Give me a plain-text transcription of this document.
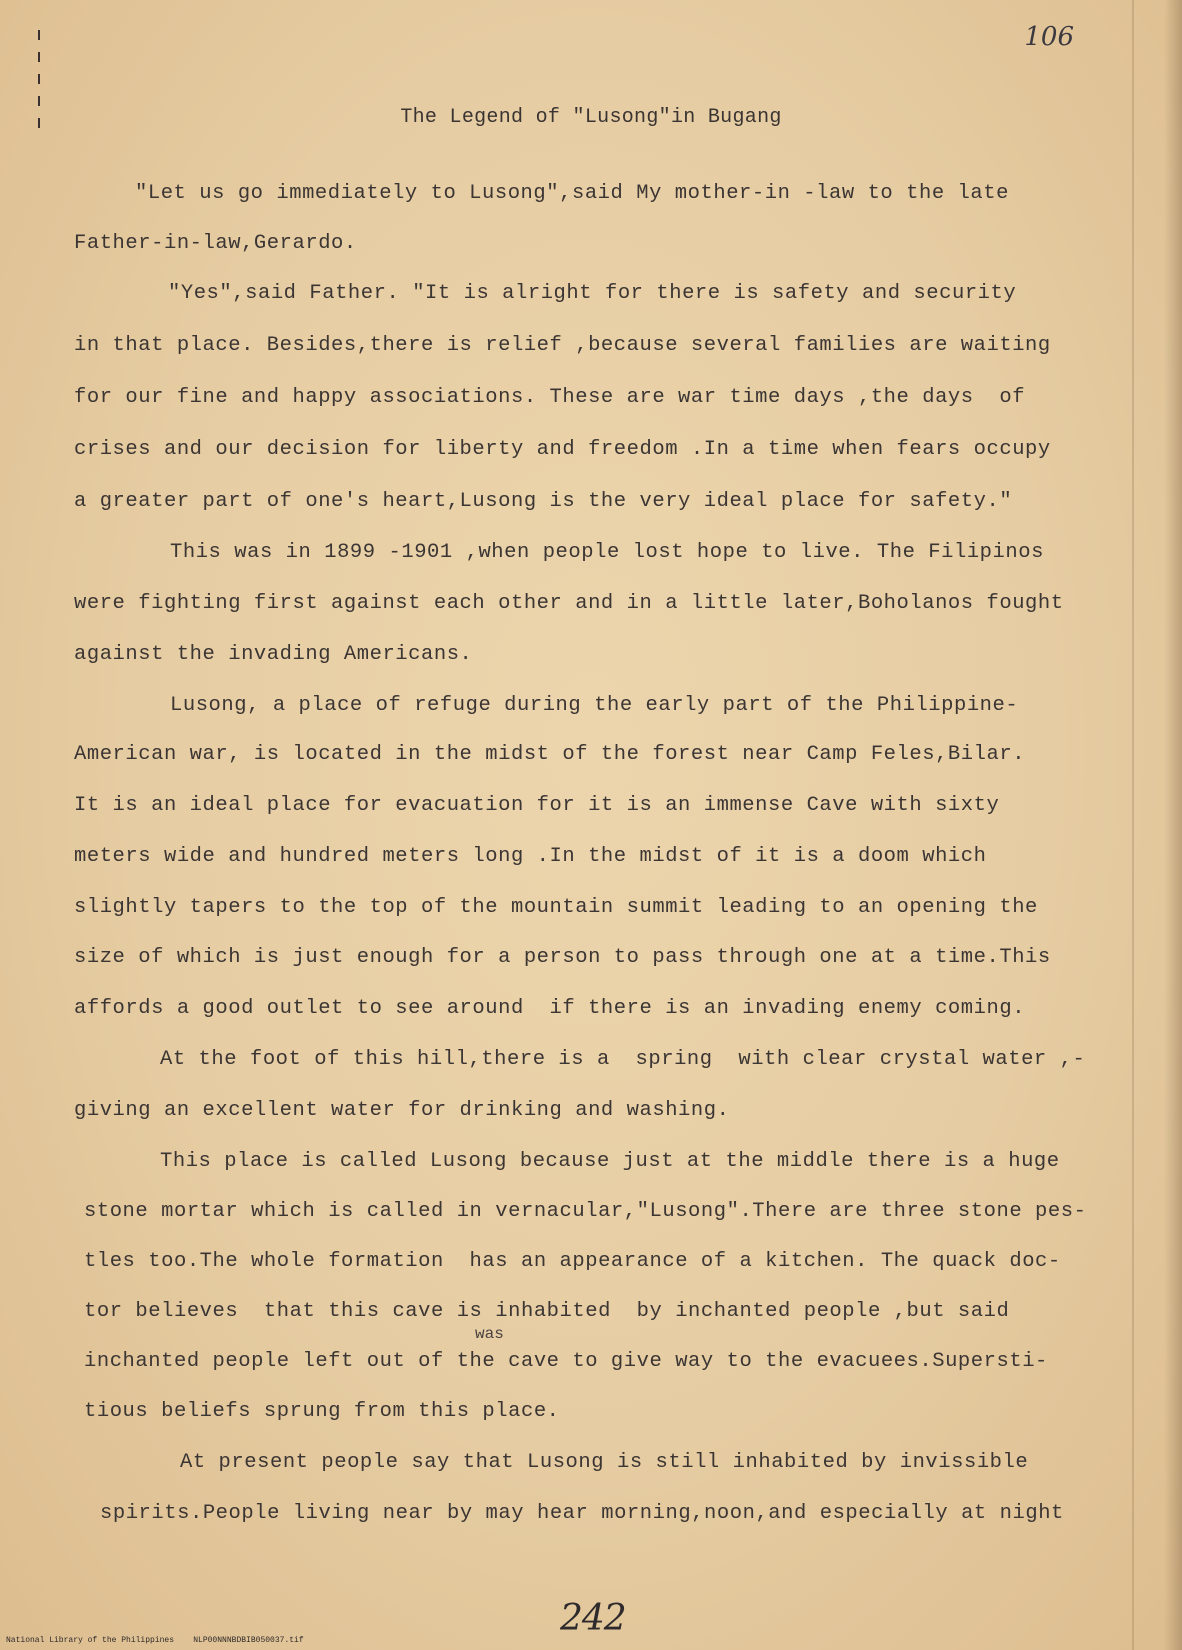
106
The Legend of "Lusong"in Bugang
"Let us go immediately to Lusong",said My mother-in -law to the late
Father-in-law,Gerardo.
"Yes",said Father. "It is alright for there is safety and security
in that place. Besides,there is relief ,because several families are waiting
for our fine and happy associations. These are war time days ,the days  of
crises and our decision for liberty and freedom .In a time when fears occupy
a greater part of one's heart,Lusong is the very ideal place for safety."
This was in 1899 -1901 ,when people lost hope to live. The Filipinos
were fighting first against each other and in a little later,Boholanos fought
against the invading Americans.
Lusong, a place of refuge during the early part of the Philippine-
American war, is located in the midst of the forest near Camp Feles,Bilar.
It is an ideal place for evacuation for it is an immense Cave with sixty
meters wide and hundred meters long .In the midst of it is a doom which
slightly tapers to the top of the mountain summit leading to an opening the
size of which is just enough for a person to pass through one at a time.This
affords a good outlet to see around  if there is an invading enemy coming.
At the foot of this hill,there is a  spring  with clear crystal water ,-
giving an excellent water for drinking and washing.
This place is called Lusong because just at the middle there is a huge
stone mortar which is called in vernacular,"Lusong".There are three stone pes-
tles too.The whole formation  has an appearance of a kitchen. The quack doc-
was
tor believes  that this cave is inhabited  by inchanted people ,but said
inchanted people left out of the cave to give way to the evacuees.Supersti-
tious beliefs sprung from this place.
At present people say that Lusong is still inhabited by invissible
spirits.People living near by may hear morning,noon,and especially at night
242
National Library of the Philippines    NLP00NNNBDBIB050037.tif
